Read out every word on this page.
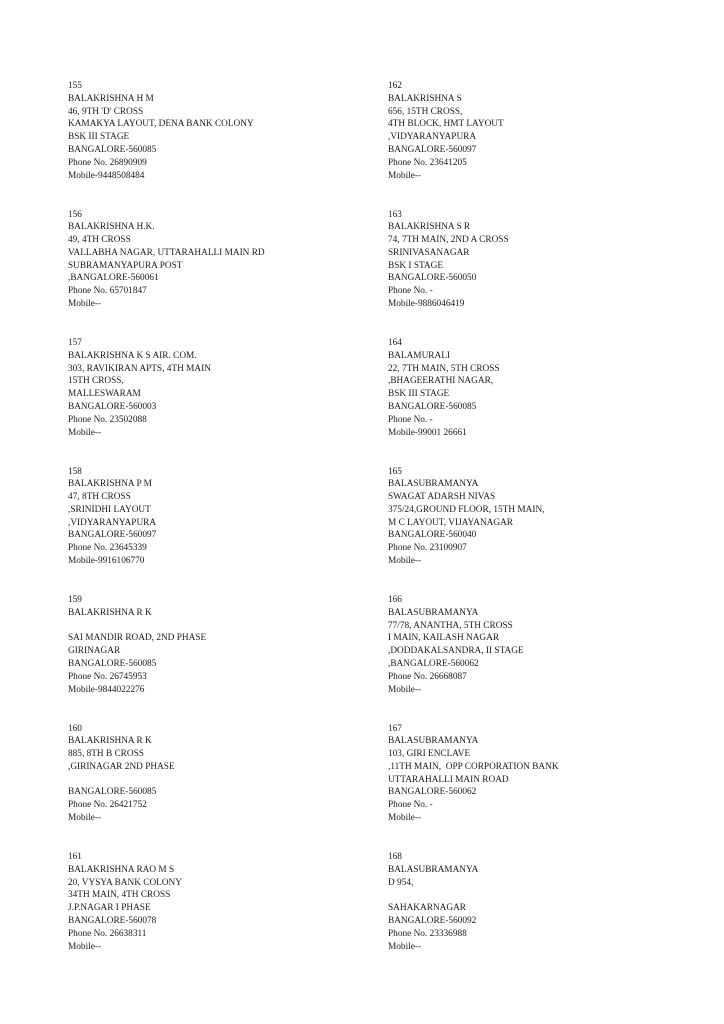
155
BALAKRISHNA H M
46, 9TH 'D' CROSS
KAMAKYA LAYOUT, DENA BANK COLONY
BSK III STAGE
BANGALORE-560085
Phone No. 26890909
Mobile-9448508484
156
BALAKRISHNA H.K.
49, 4TH CROSS
VALLABHA NAGAR, UTTARAHALLI MAIN RD
SUBRAMANYAPURA POST
,BANGALORE-560061
Phone No. 65701847
Mobile--
157
BALAKRISHNA K S AIR. COM.
303, RAVIKIRAN APTS, 4TH MAIN
15TH CROSS,
MALLESWARAM
BANGALORE-560003
Phone No. 23502088
Mobile--
158
BALAKRISHNA P M
47, 8TH CROSS
,SRINIDHI LAYOUT
,VIDYARANYAPURA
BANGALORE-560097
Phone No. 23645339
Mobile-9916106770
159
BALAKRISHNA R K
SAI MANDIR ROAD, 2ND PHASE
GIRINAGAR
BANGALORE-560085
Phone No. 26745953
Mobile-9844022276
160
BALAKRISHNA R K
885, 8TH B CROSS
,GIRINAGAR 2ND PHASE
BANGALORE-560085
Phone No. 26421752
Mobile--
161
BALAKRISHNA RAO M S
20, VYSYA BANK COLONY
34TH MAIN, 4TH CROSS
J.P.NAGAR I PHASE
BANGALORE-560078
Phone No. 26638311
Mobile--
162
BALAKRISHNA S
656, 15TH CROSS,
4TH BLOCK, HMT LAYOUT
,VIDYARANYAPURA
BANGALORE-560097
Phone No. 23641205
Mobile--
163
BALAKRISHNA S R
74, 7TH MAIN, 2ND A CROSS
SRINIVASANAGAR
BSK I STAGE
BANGALORE-560050
Phone No. -
Mobile-9886046419
164
BALAMURALI
22, 7TH MAIN, 5TH CROSS
,BHAGEERATHI NAGAR,
BSK III STAGE
BANGALORE-560085
Phone No. -
Mobile-99001 26661
165
BALASUBRAMANYA
SWAGAT ADARSH NIVAS
375/24,GROUND FLOOR, 15TH MAIN,
M C LAYOUT, VIJAYANAGAR
BANGALORE-560040
Phone No. 23100907
Mobile--
166
BALASUBRAMANYA
77/78, ANANTHA, 5TH CROSS
I MAIN, KAILASH NAGAR
,DODDAKALSANDRA, II STAGE
,BANGALORE-560062
Phone No. 26668087
Mobile--
167
BALASUBRAMANYA
103, GIRI ENCLAVE
,11TH MAIN,  OPP CORPORATION BANK
UTTARAHALLI MAIN ROAD
BANGALORE-560062
Phone No. -
Mobile--
168
BALASUBRAMANYA
D 954,
SAHAKARNAGAR
BANGALORE-560092
Phone No. 23336988
Mobile--
